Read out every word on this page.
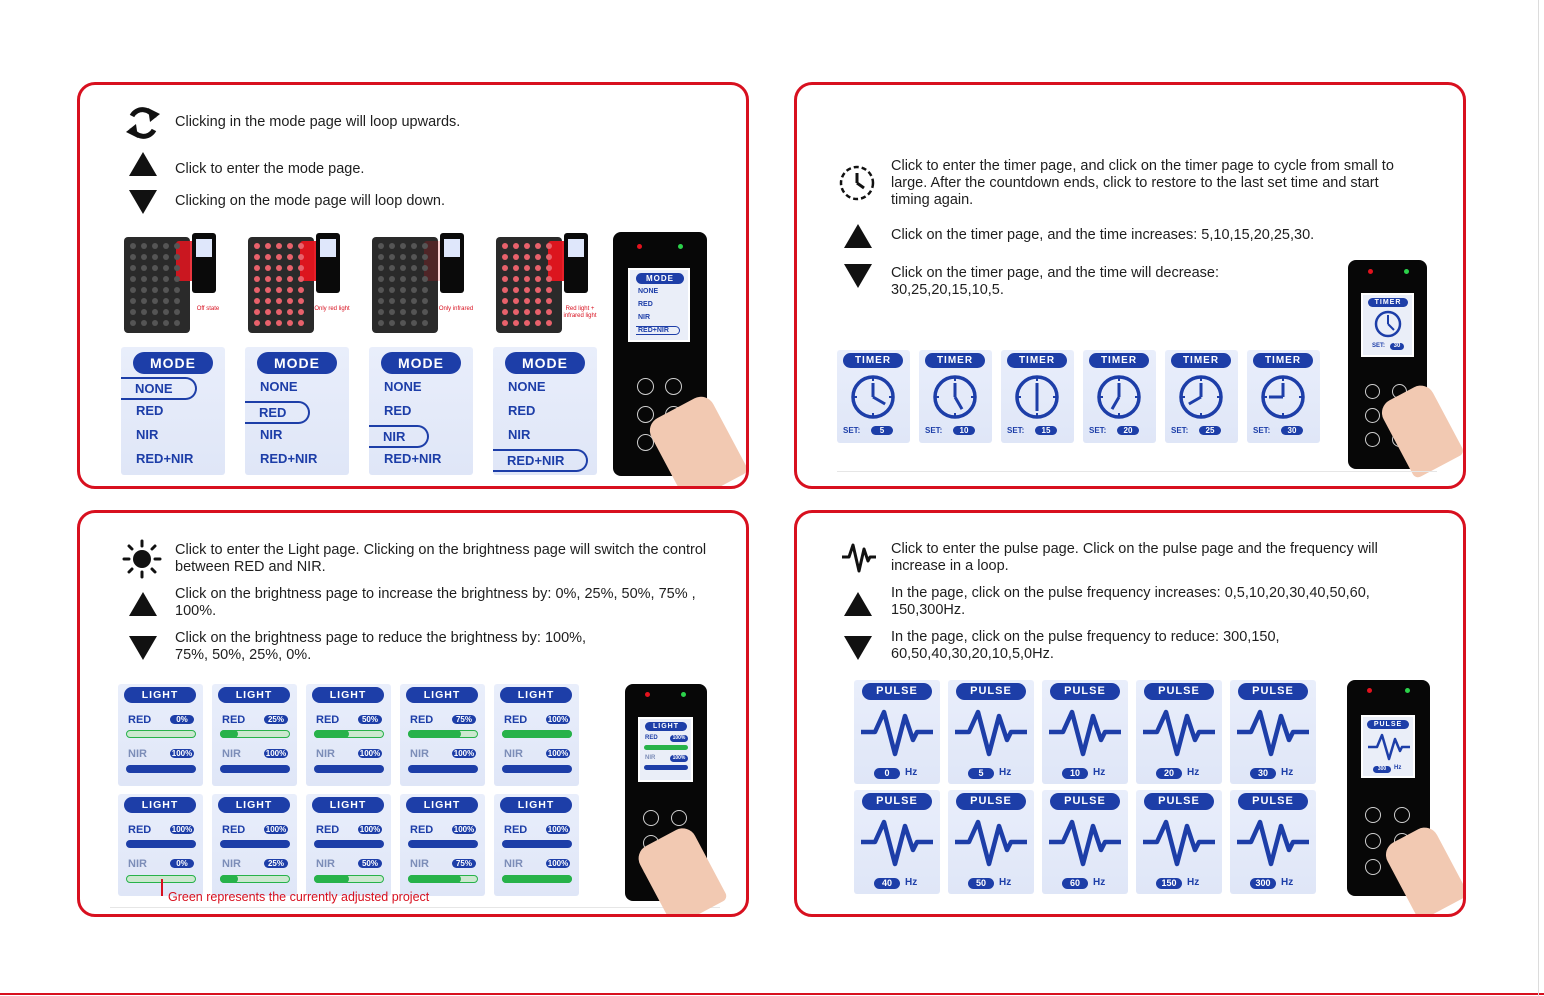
Clicking in the mode page will loop upwards.
Click to enter the mode page.
Clicking on the mode page will loop down.
Off state	Only red light	Only infrared	Red light +
infrared light
MODE
NONE
RED
NIR
RED+NIR
MODE
NONE
RED
NIR
RED+NIR
MODE
NONE
RED
NIR
RED+NIR
MODE
NONE
RED
NIR
RED+NIR
MODE
NONE
RED
NIR
RED+NIR
Click to enter the timer page, and click on the timer page to cycle from small to large. After the countdown ends, click to restore to the last set time and start timing again.
Click on the timer page, and the time increases: 5,10,15,20,25,30.
Click on the timer page, and the time will decrease: 30,25,20,15,10,5.
TIMER
SET:	5
TIMER
SET:	10
TIMER
SET:	15
TIMER
SET:	20
TIMER
SET:	25
TIMER
SET:	30
TIMER
SET:	30
Click to enter the Light page. Clicking on the brightness page will switch the control between RED and NIR.
Click on the brightness page to increase the brightness by: 0%, 25%, 50%, 75% , 100%.
Click on the brightness page to reduce the brightness by: 100%, 75%, 50%, 25%, 0%.
LIGHT
RED	0%
NIR	100%
LIGHT
RED	25%
NIR	100%
LIGHT
RED	50%
NIR	100%
LIGHT
RED	75%
NIR	100%
LIGHT
RED	100%
NIR	100%
LIGHT
RED	100%
NIR	0%
LIGHT
RED	100%
NIR	25%
LIGHT
RED	100%
NIR	50%
LIGHT
RED	100%
NIR	75%
LIGHT
RED	100%
NIR	100%
Green represents the currently adjusted project
LIGHT
RED	100%
NIR	100%
Click to enter the pulse page. Click on the pulse page and the frequency will increase in a loop.
In the page, click on the pulse frequency increases: 0,5,10,20,30,40,50,60, 150,300Hz.
In the page, click on the pulse frequency to reduce: 300,150, 60,50,40,30,20,10,5,0Hz.
PULSE
0	Hz
PULSE
5	Hz
PULSE
10	Hz
PULSE
20	Hz
PULSE
30	Hz
PULSE
40	Hz
PULSE
50	Hz
PULSE
60	Hz
PULSE
150	Hz
PULSE
300	Hz
PULSE
300	Hz
